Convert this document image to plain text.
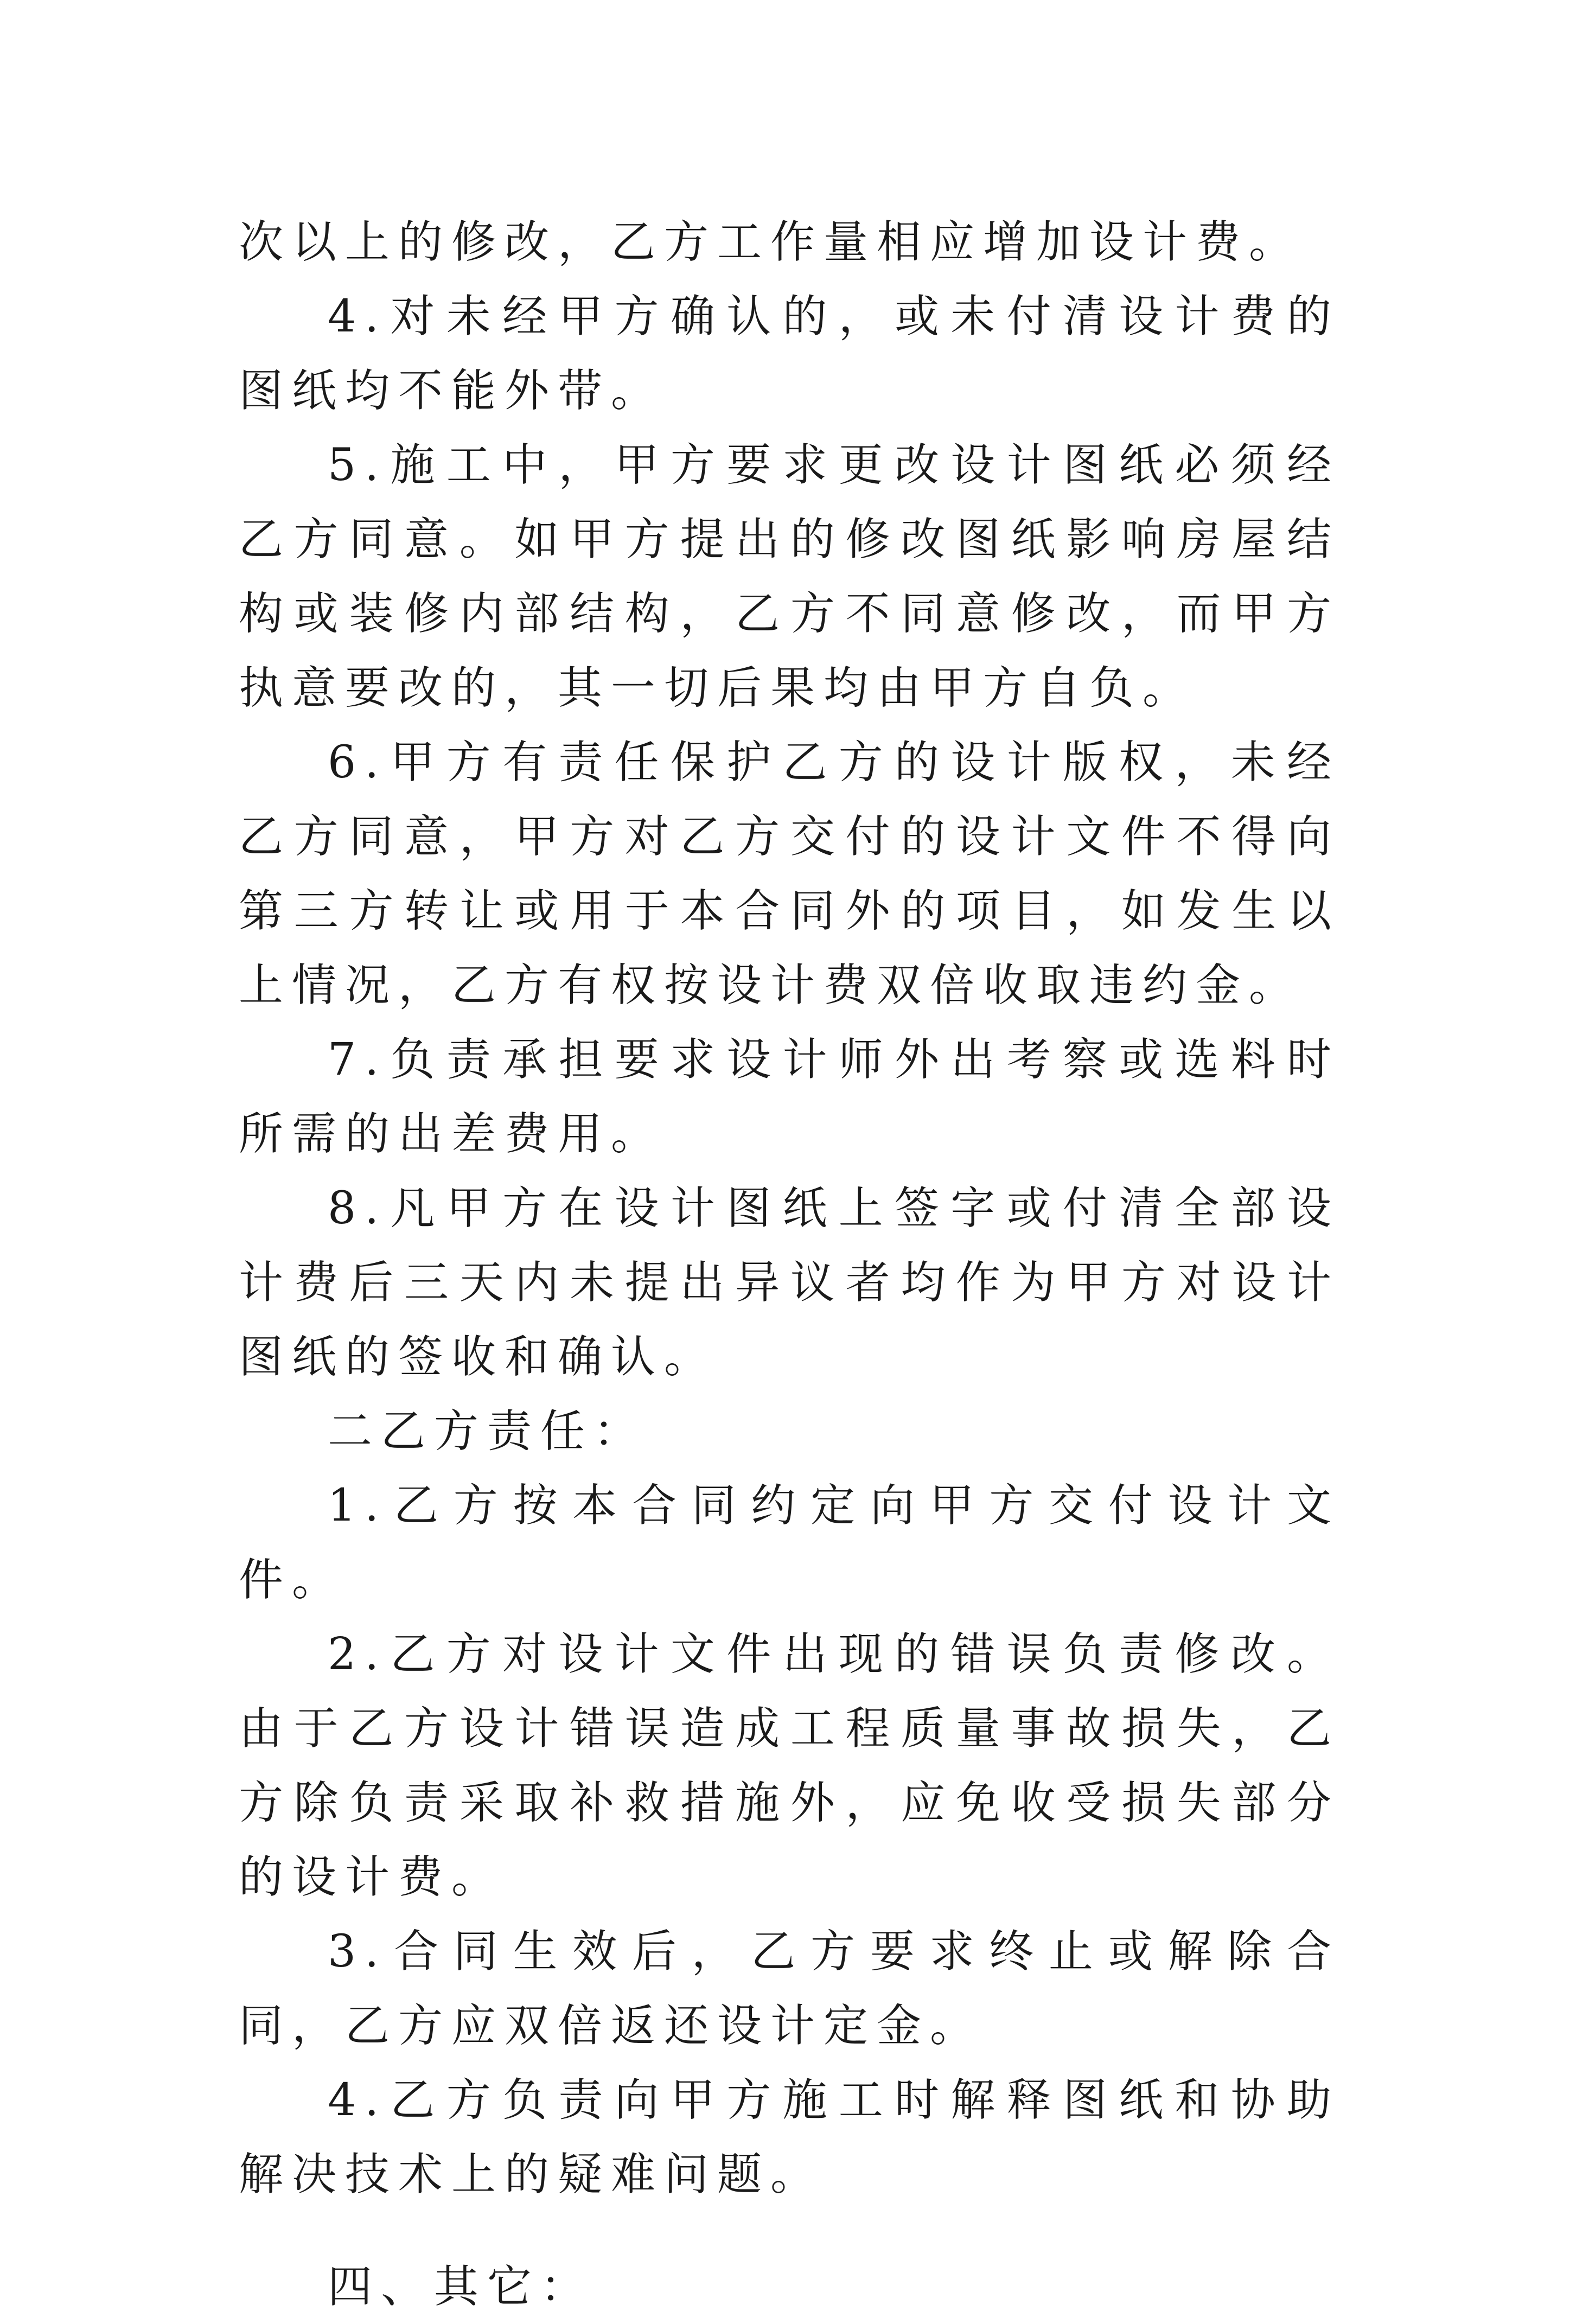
次以上的修改，乙方工作量相应增加设计费。

4.对未经甲方确认的，或未付清设计费的图纸均不能外带。

5.施工中，甲方要求更改设计图纸必须经乙方同意。如甲方提出的修改图纸影响房屋结构或装修内部结构，乙方不同意修改，而甲方执意要改的，其一切后果均由甲方自负。

6.甲方有责任保护乙方的设计版权，未经乙方同意，甲方对乙方交付的设计文件不得向第三方转让或用于本合同外的项目，如发生以上情况，乙方有权按设计费双倍收取违约金。

7.负责承担要求设计师外出考察或选料时所需的出差费用。

8.凡甲方在设计图纸上签字或付清全部设计费后三天内未提出异议者均作为甲方对设计图纸的签收和确认。

二乙方责任：

1.乙方按本合同约定向甲方交付设计文件。

2.乙方对设计文件出现的错误负责修改。由于乙方设计错误造成工程质量事故损失，乙方除负责采取补救措施外，应免收受损失部分的设计费。

3.合同生效后，乙方要求终止或解除合同，乙方应双倍返还设计定金。

4.乙方负责向甲方施工时解释图纸和协助解决技术上的疑难问题。

四、其它：
